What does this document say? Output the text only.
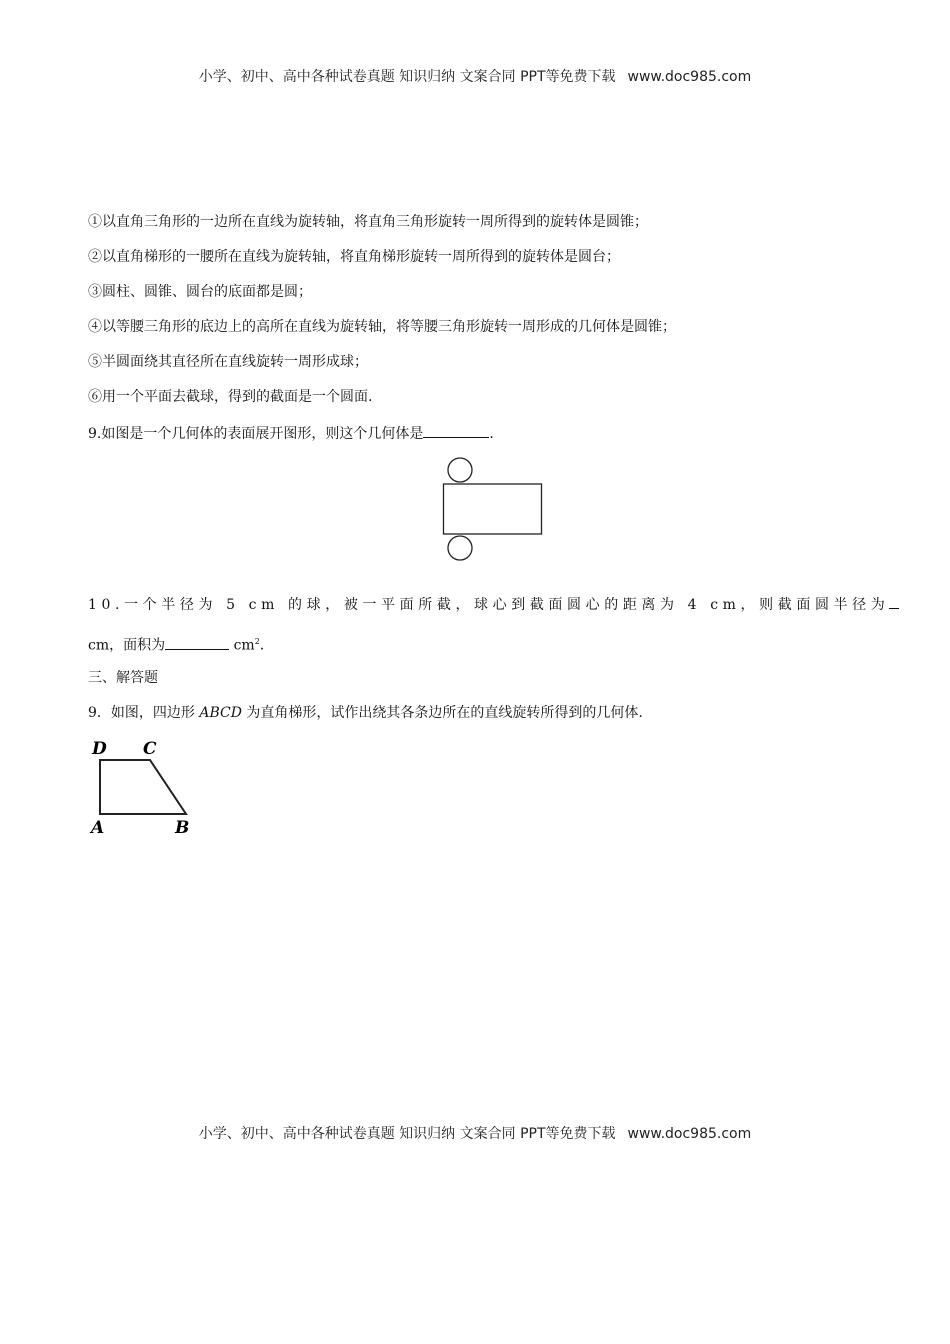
小学、初中、高中各种试卷真题 知识归纳 文案合同 PPT等免费下载 www.doc985.com
①以直角三角形的一边所在直线为旋转轴，将直角三角形旋转一周所得到的旋转体是圆锥；
②以直角梯形的一腰所在直线为旋转轴，将直角梯形旋转一周所得到的旋转体是圆台；
③圆柱、圆锥、圆台的底面都是圆；
④以等腰三角形的底边上的高所在直线为旋转轴，将等腰三角形旋转一周形成的几何体是圆锥；
⑤半圆面绕其直径所在直线旋转一周形成球；
⑥用一个平面去截球，得到的截面是一个圆面.
9.如图是一个几何体的表面展开图形，则这个几何体是	.
10.一个半径为 5 cm 的球，被一平面所截，球心到截面圆心的距离为 4 cm，则截面圆半径为
cm，面积为	$cm^2$.
三、解答题
9．如图，四边形 ABCD 为直角梯形，试作出绕其各条边所在的直线旋转所得到的几何体.
D C
A	B
小学、初中、高中各种试卷真题 知识归纳 文案合同 PPT等免费下载 www.doc985.com
